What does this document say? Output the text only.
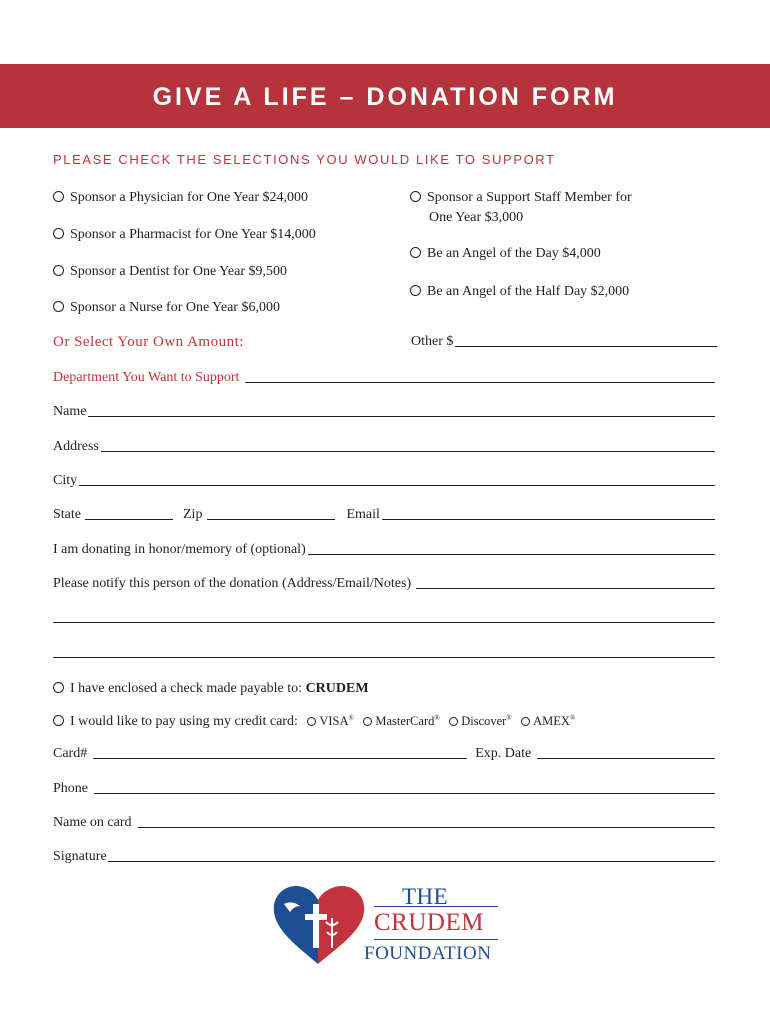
GIVE A LIFE – DONATION FORM
PLEASE CHECK THE SELECTIONS YOU WOULD LIKE TO SUPPORT
Sponsor a Physician for One Year $24,000
Sponsor a Pharmacist for One Year $14,000
Sponsor a Dentist for One Year $9,500
Sponsor a Nurse for One Year $6,000
Sponsor a Support Staff Member for
One Year $3,000
Be an Angel of the Day $4,000
Be an Angel of the Half Day $2,000
Or Select Your Own Amount:	Other $
Department You Want to Support
Name
Address
City
State	Zip	Email
I am donating in honor/memory of (optional)
Please notify this person of the donation (Address/Email/Notes)
I have enclosed a check made payable to: CRUDEM
I would like to pay using my credit card: VISA® MasterCard® Discover® AMEX®
Card#	Exp. Date
Phone
Name on card
Signature
THE
CRUDEM
FOUNDATION
